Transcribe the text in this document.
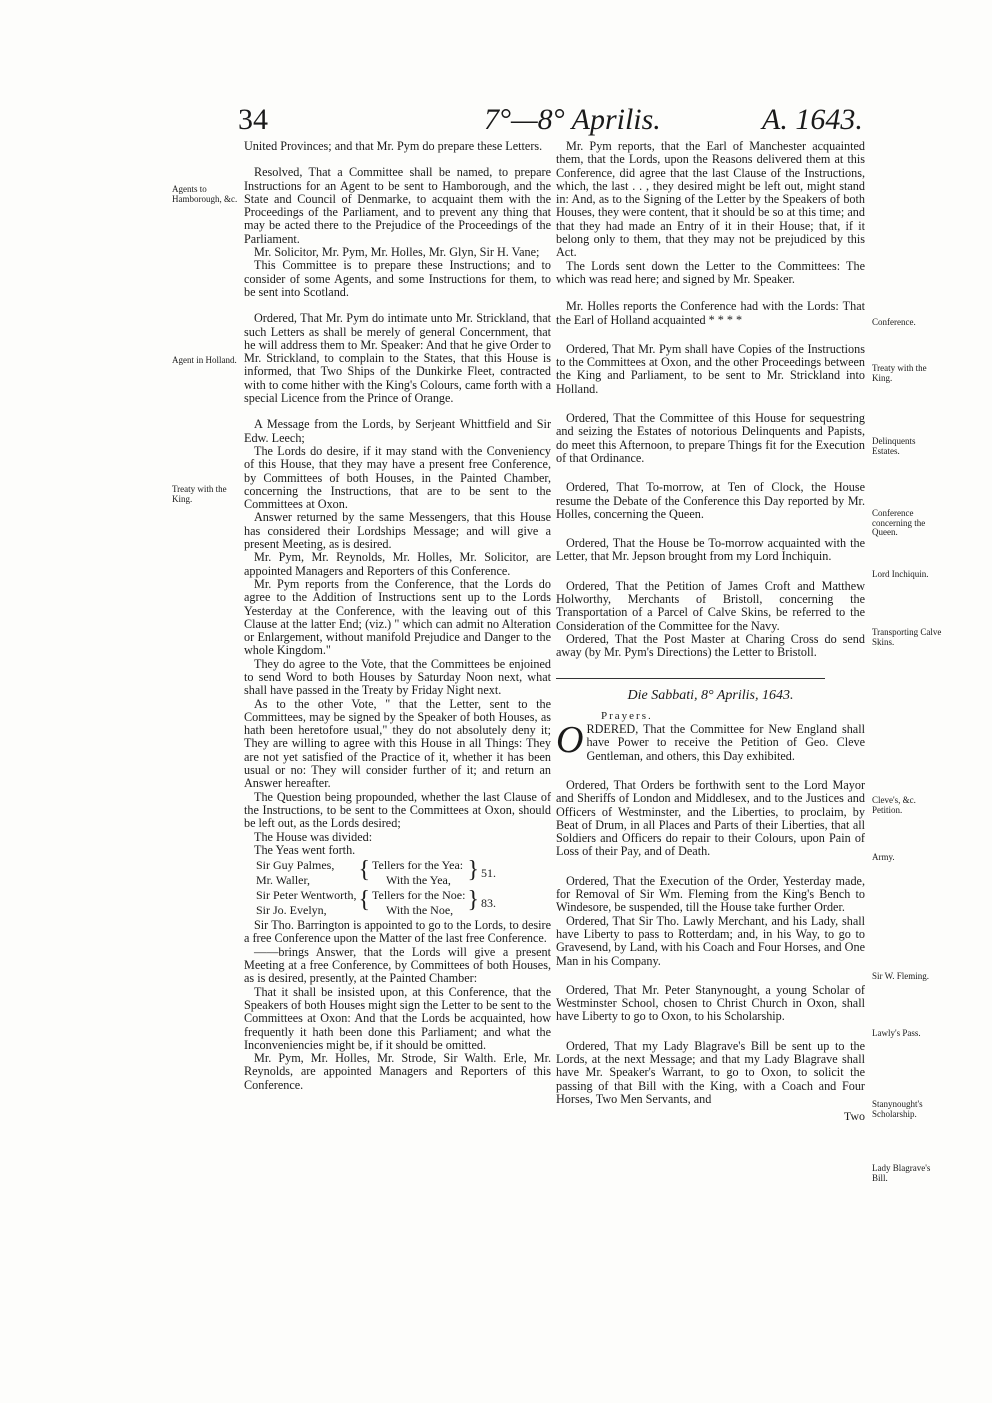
34	7°—8° Aprilis.	A. 1643.
Agents to Hamborough, &c.
Agent in Holland.
Treaty with the King.
Conference.
Treaty with the King.
Delinquents Estates.
Conference concerning the Queen.
Lord Inchiquin.
Transporting Calve Skins.
Cleve's, &c. Petition.
Army.
Sir W. Fleming.
Lawly's Pass.
Stanynought's Scholarship.
Lady Blagrave's Bill.

United Provinces; and that Mr. Pym do prepare these Letters.

Resolved, That a Committee shall be named, to prepare Instructions for an Agent to be sent to Hamborough, and the State and Council of Denmarke, to acquaint them with the Proceedings of the Parliament, and to prevent any thing that may be acted there to the Prejudice of the Proceedings of the Parliament.

Mr. Solicitor, Mr. Pym, Mr. Holles, Mr. Glyn, Sir H. Vane;

This Committee is to prepare these Instructions; and to consider of some Agents, and some Instructions for them, to be sent into Scotland.

Ordered, That Mr. Pym do intimate unto Mr. Strickland, that such Letters as shall be merely of general Concernment, that he will address them to Mr. Speaker: And that he give Order to Mr. Strickland, to complain to the States, that this House is informed, that Two Ships of the Dunkirke Fleet, contracted with to come hither with the King's Colours, came forth with a special Licence from the Prince of Orange.

A Message from the Lords, by Serjeant Whittfield and Sir Edw. Leech;

The Lords do desire, if it may stand with the Conveniency of this House, that they may have a present free Conference, by Committees of both Houses, in the Painted Chamber, concerning the Instructions, that are to be sent to the Committees at Oxon.

Answer returned by the same Messengers, that this House has considered their Lordships Message; and will give a present Meeting, as is desired.

Mr. Pym, Mr. Reynolds, Mr. Holles, Mr. Solicitor, are appointed Managers and Reporters of this Conference.

Mr. Pym reports from the Conference, that the Lords do agree to the Addition of Instructions sent up to the Lords Yesterday at the Conference, with the leaving out of this Clause at the latter End; (viz.) " which can admit no Alteration or Enlargement, without manifold Prejudice and Danger to the whole Kingdom."

They do agree to the Vote, that the Committees be enjoined to send Word to both Houses by Saturday Noon next, what shall have passed in the Treaty by Friday Night next.

As to the other Vote, " that the Letter, sent to the Committees, may be signed by the Speaker of both Houses, as hath been heretofore usual," they do not absolutely deny it; They are willing to agree with this House in all Things: They are not yet satisfied of the Practice of it, whether it has been usual or no: They will consider further of it; and return an Answer hereafter.

The Question being propounded, whether the last Clause of the Instructions, to be sent to the Committees at Oxon, should be left out, as the Lords desired;

The House was divided:

The Yeas went forth.

Sir Guy Palmes,	{	Tellers for the Yea:	}	51.
Mr. Waller,		With the Yea,		
Sir Peter Wentworth,	{	Tellers for the Noe:	}	83.
Sir Jo. Evelyn,		With the Noe,		

Sir Tho. Barrington is appointed to go to the Lords, to desire a free Conference upon the Matter of the last free Conference.

——brings Answer, that the Lords will give a present Meeting at a free Conference, by Committees of both Houses, as is desired, presently, at the Painted Chamber:

That it shall be insisted upon, at this Conference, that the Speakers of both Houses might sign the Letter to be sent to the Committees at Oxon: And that the Lords be acquainted, how frequently it hath been done this Parliament; and what the Inconveniencies might be, if it should be omitted.

Mr. Pym, Mr. Holles, Mr. Strode, Sir Walth. Erle, Mr. Reynolds, are appointed Managers and Reporters of this Conference.

Mr. Pym reports, that the Earl of Manchester acquainted them, that the Lords, upon the Reasons delivered them at this Conference, did agree that the last Clause of the Instructions, which, the last . . , they desired might be left out, might stand in: And, as to the Signing of the Letter by the Speakers of both Houses, they were content, that it should be so at this time; and that they had made an Entry of it in their House; that, if it belong only to them, that they may not be prejudiced by this Act.

The Lords sent down the Letter to the Committees: The which was read here; and signed by Mr. Speaker.

Mr. Holles reports the Conference had with the Lords: That the Earl of Holland acquainted * * * *

Ordered, That Mr. Pym shall have Copies of the Instructions to the Committees at Oxon, and the other Proceedings between the King and Parliament, to be sent to Mr. Strickland into Holland.

Ordered, That the Committee of this House for sequestring and seizing the Estates of notorious Delinquents and Papists, do meet this Afternoon, to prepare Things fit for the Execution of that Ordinance.

Ordered, That To-morrow, at Ten of Clock, the House resume the Debate of the Conference this Day reported by Mr. Holles, concerning the Queen.

Ordered, That the House be To-morrow acquainted with the Letter, that Mr. Jepson brought from my Lord Inchiquin.

Ordered, That the Petition of James Croft and Matthew Holworthy, Merchants of Bristoll, concerning the Transportation of a Parcel of Calve Skins, be referred to the Consideration of the Committee for the Navy.

Ordered, That the Post Master at Charing Cross do send away (by Mr. Pym's Directions) the Letter to Bristoll.

Die Sabbati, 8° Aprilis, 1643.

Prayers.

ORDERED, That the Committee for New England shall have Power to receive the Petition of Geo. Cleve Gentleman, and others, this Day exhibited.

Ordered, That Orders be forthwith sent to the Lord Mayor and Sheriffs of London and Middlesex, and to the Justices and Officers of Westminster, and the Liberties, to proclaim, by Beat of Drum, in all Places and Parts of their Liberties, that all Soldiers and Officers do repair to their Colours, upon Pain of Loss of their Pay, and of Death.

Ordered, That the Execution of the Order, Yesterday made, for Removal of Sir Wm. Fleming from the King's Bench to Windesore, be suspended, till the House take further Order.

Ordered, That Sir Tho. Lawly Merchant, and his Lady, shall have Liberty to pass to Rotterdam; and, in his Way, to go to Gravesend, by Land, with his Coach and Four Horses, and One Man in his Company.

Ordered, That Mr. Peter Stanynought, a young Scholar of Westminster School, chosen to Christ Church in Oxon, shall have Liberty to go to Oxon, to his Scholarship.

Ordered, That my Lady Blagrave's Bill be sent up to the Lords, at the next Message; and that my Lady Blagrave shall have Mr. Speaker's Warrant, to go to Oxon, to solicit the passing of that Bill with the King, with a Coach and Four Horses, Two Men Servants, and

Two
